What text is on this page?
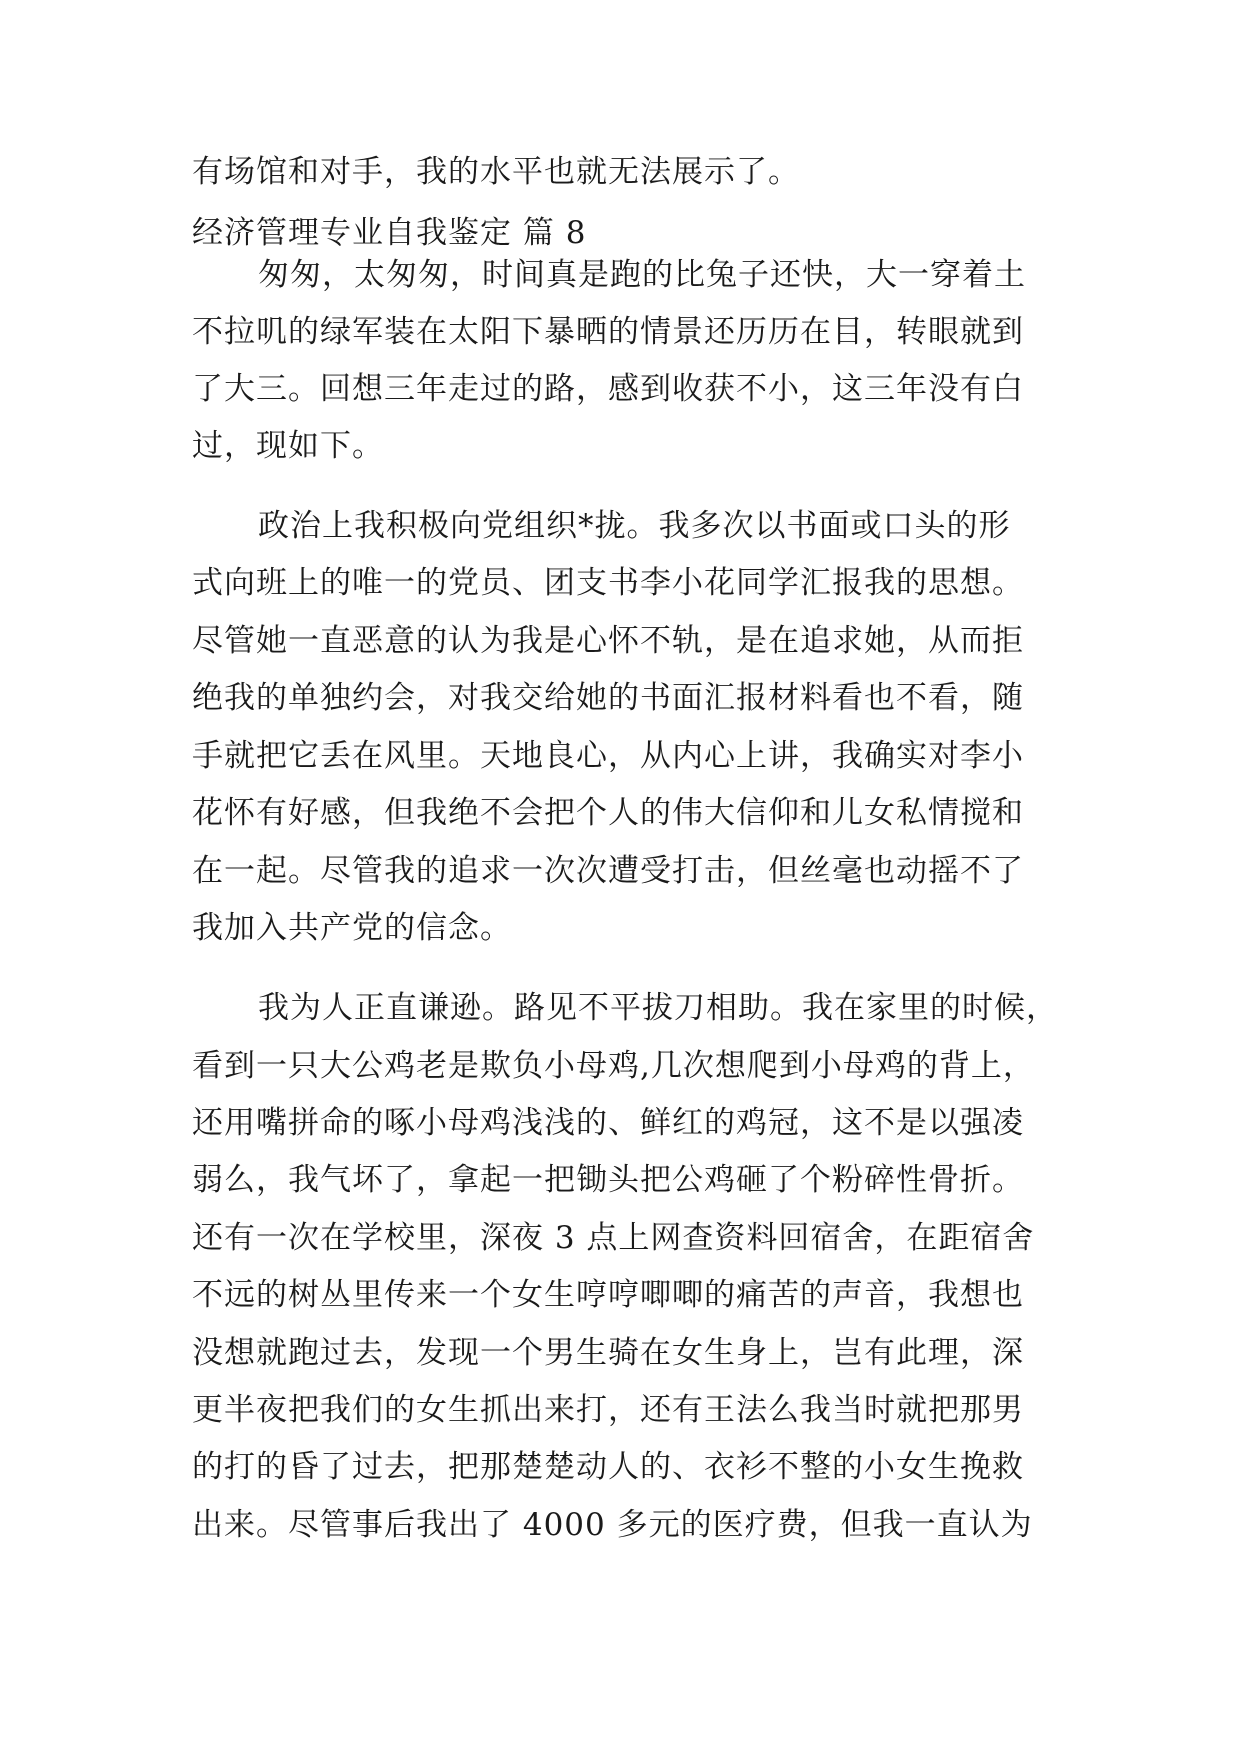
有场馆和对手，我的水平也就无法展示了。
经济管理专业自我鉴定 篇 8
匆匆，太匆匆，时间真是跑的比兔子还快，大一穿着土
不拉叽的绿军装在太阳下暴晒的情景还历历在目，转眼就到
了大三。回想三年走过的路，感到收获不小，这三年没有白
过，现如下。
政治上我积极向党组织*拢。我多次以书面或口头的形
式向班上的唯一的党员、团支书李小花同学汇报我的思想。
尽管她一直恶意的认为我是心怀不轨，是在追求她，从而拒
绝我的单独约会，对我交给她的书面汇报材料看也不看，随
手就把它丢在风里。天地良心，从内心上讲，我确实对李小
花怀有好感，但我绝不会把个人的伟大信仰和儿女私情搅和
在一起。尽管我的追求一次次遭受打击，但丝毫也动摇不了
我加入共产党的信念。
我为人正直谦逊。路见不平拔刀相助。我在家里的时候，
看到一只大公鸡老是欺负小母鸡,几次想爬到小母鸡的背上，
还用嘴拼命的啄小母鸡浅浅的、鲜红的鸡冠，这不是以强凌
弱么，我气坏了，拿起一把锄头把公鸡砸了个粉碎性骨折。
还有一次在学校里，深夜 3 点上网查资料回宿舍，在距宿舍
不远的树丛里传来一个女生哼哼唧唧的痛苦的声音，我想也
没想就跑过去，发现一个男生骑在女生身上，岂有此理，深
更半夜把我们的女生抓出来打，还有王法么我当时就把那男
的打的昏了过去，把那楚楚动人的、衣衫不整的小女生挽救
出来。尽管事后我出了 4000 多元的医疗费，但我一直认为
